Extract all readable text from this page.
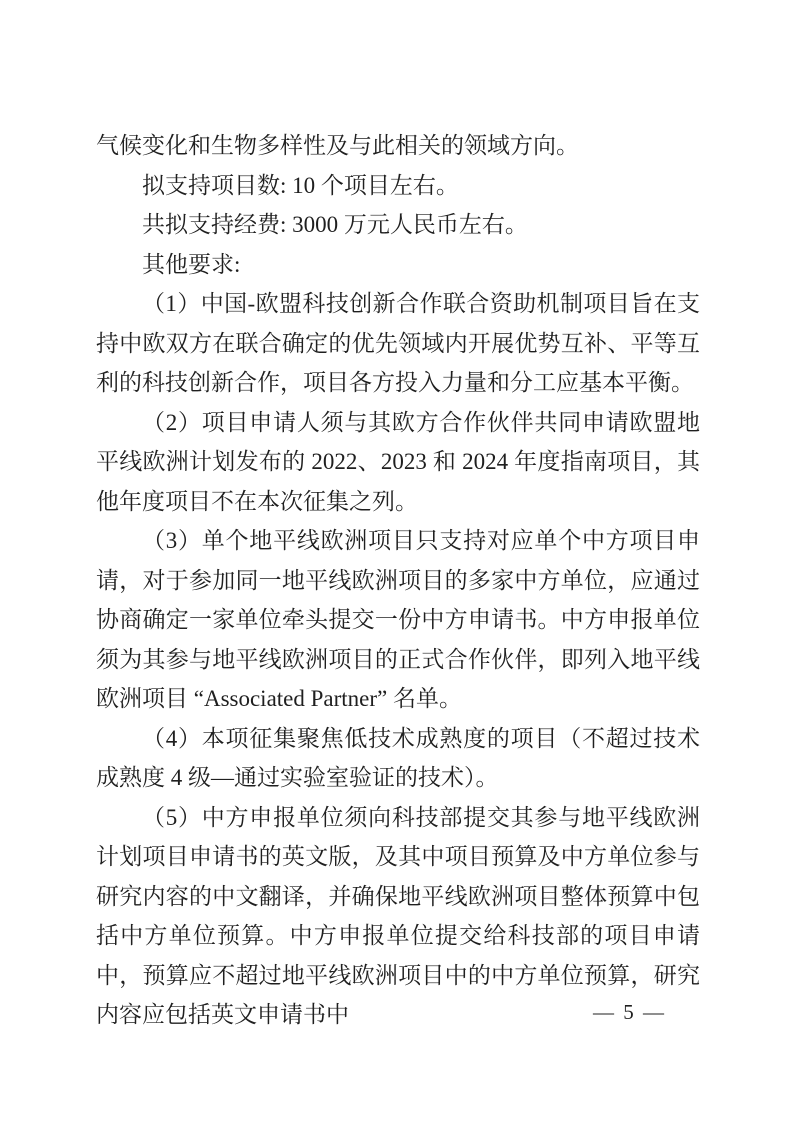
气候变化和生物多样性及与此相关的领域方向。

拟支持项目数: 10 个项目左右。

共拟支持经费: 3000 万元人民币左右。

其他要求:

（1）中国-欧盟科技创新合作联合资助机制项目旨在支持中欧双方在联合确定的优先领域内开展优势互补、平等互利的科技创新合作，项目各方投入力量和分工应基本平衡。

（2）项目申请人须与其欧方合作伙伴共同申请欧盟地平线欧洲计划发布的 2022、2023 和 2024 年度指南项目，其他年度项目不在本次征集之列。

（3）单个地平线欧洲项目只支持对应单个中方项目申请，对于参加同一地平线欧洲项目的多家中方单位，应通过协商确定一家单位牵头提交一份中方申请书。中方申报单位须为其参与地平线欧洲项目的正式合作伙伴，即列入地平线欧洲项目 “Associated Partner” 名单。

（4）本项征集聚焦低技术成熟度的项目（不超过技术成熟度 4 级—通过实验室验证的技术）。

（5）中方申报单位须向科技部提交其参与地平线欧洲计划项目申请书的英文版，及其中项目预算及中方单位参与研究内容的中文翻译，并确保地平线欧洲项目整体预算中包括中方单位预算。中方申报单位提交给科技部的项目申请中，预算应不超过地平线欧洲项目中的中方单位预算，研究内容应包括英文申请书中	— 5 —
